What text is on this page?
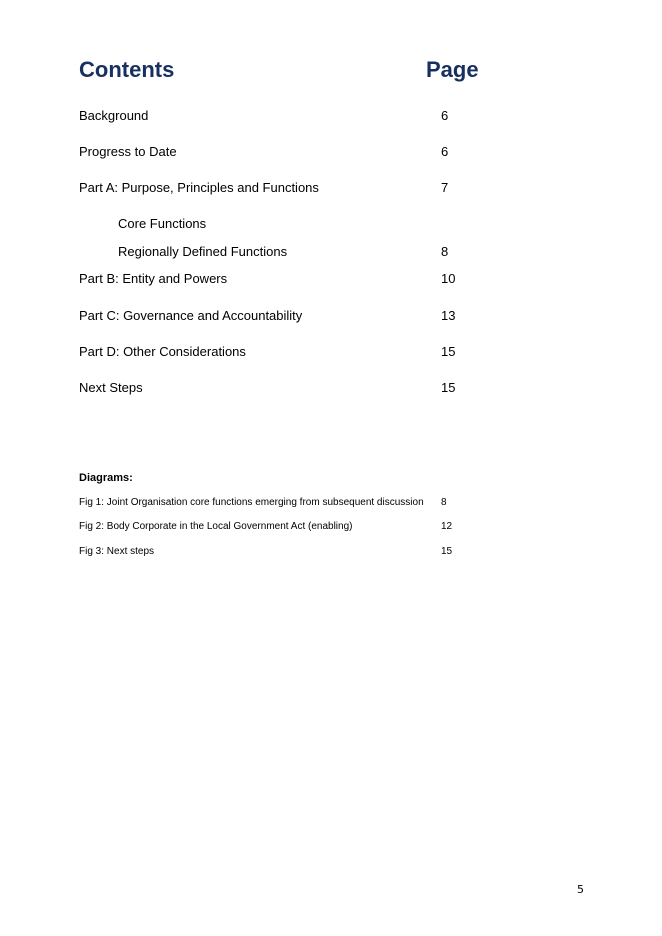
Contents	Page
Background	6
Progress to Date	6
Part A: Purpose, Principles and Functions	7
Core Functions
Regionally Defined Functions	8
Part B: Entity and Powers	10
Part C: Governance and Accountability	13
Part D: Other Considerations	15
Next Steps	15
Diagrams:
Fig 1: Joint Organisation core functions emerging from subsequent discussion 8
Fig 2: Body Corporate in the Local Government Act (enabling)	12
Fig 3: Next steps	15
5
